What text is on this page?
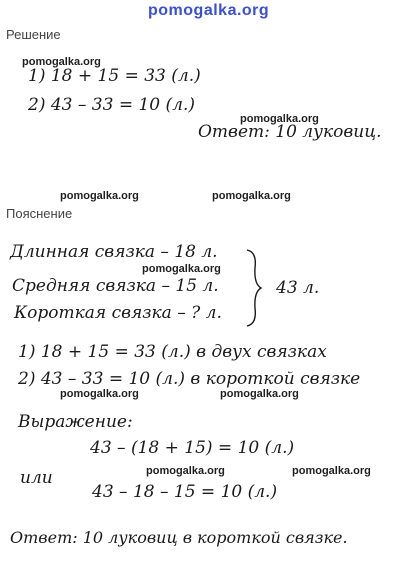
pomogalka.org
Решение
pomogalka.org
1) 18 + 15 = 33 (л.)
2) 43 – 33 = 10 (л.)
pomogalka.org
Ответ: 10 луковиц.
pomogalka.org	pomogalka.org
Пояснение
Длинная связка – 18 л.
pomogalka.org
Средняя связка – 15 л.
Короткая связка – ? л.
43 л.
1) 18 + 15 = 33 (л.) в двух связках
2) 43 – 33 = 10 (л.) в короткой связке
pomogalka.org	pomogalka.org
Выражение:
43 – (18 + 15) = 10 (л.)
pomogalka.org	pomogalka.org
или
43 – 18 – 15 = 10 (л.)
Ответ: 10 луковиц в короткой связке.
